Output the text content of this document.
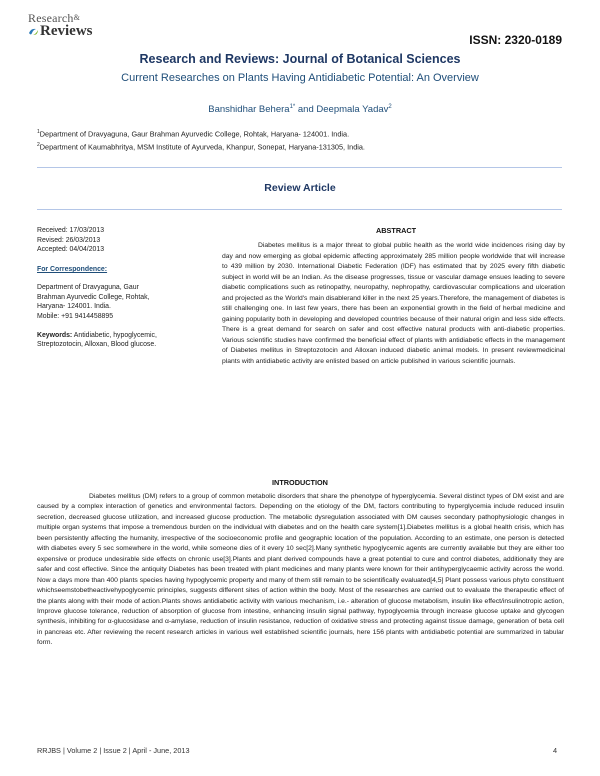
Research&
Reviews
ISSN: 2320-0189
Research and Reviews: Journal of Botanical Sciences
Current Researches on Plants Having Antidiabetic Potential: An Overview
Banshidhar Behera$^{1*}$ and Deepmala Yadav$^2$
$^1$Department of Dravyaguna, Gaur Brahman Ayurvedic College, Rohtak, Haryana- 124001. India.
$^2$Department of Kaumabhritya, MSM Institute of Ayurveda, Khanpur, Sonepat, Haryana-131305, India.
Review Article
Received: 17/03/2013
Revised: 26/03/2013
Accepted: 04/04/2013
For Correspondence:
Department of Dravyaguna, Gaur
Brahman Ayurvedic College, Rohtak,
Haryana- 124001. India.
Mobile: +91 9414458895
Keywords: Antidiabetic, hypoglycemic, Streptozotocin, Alloxan, Blood glucose.
ABSTRACT
Diabetes mellitus is a major threat to global public health as the world wide incidences rising day by day and now emerging as global epidemic affecting approximately 285 million people worldwide that will increase to 439 million by 2030. International Diabetic Federation (IDF) has estimated that by 2025 every fifth diabetic subject in world will be an Indian. As the disease progresses, tissue or vascular damage ensues leading to severe diabetic complications such as retinopathy, neuropathy, nephropathy, cardiovascular complications and ulceration and projected as the World's main disablerand killer in the next 25 years.Therefore, the management of diabetes is still challenging one. In last few years, there has been an exponential growth in the field of herbal medicine and gaining popularity both in developing and developed countries because of their natural origin and less side effects. There is a great demand for search on safer and cost effective natural products with anti-diabetic properties. Various scientific studies have confirmed the beneficial effect of plants with antidiabetic effects in the management of Diabetes mellitus in Streptozotocin and Alloxan induced diabetic animal models. In present reviewmedicinal plants with antidiabetic activity are enlisted based on article published in various scientific journals.
INTRODUCTION
Diabetes mellitus (DM) refers to a group of common metabolic disorders that share the phenotype of hyperglycemia. Several distinct types of DM exist and are caused by a complex interaction of genetics and environmental factors. Depending on the etiology of the DM, factors contributing to hyperglycemia include reduced insulin secretion, decreased glucose utilization, and increased glucose production. The metabolic dysregulation associated with DM causes secondary pathophysiologic changes in multiple organ systems that impose a tremendous burden on the individual with diabetes and on the health care system[1].Diabetes mellitus is a global health crisis, which has been persistently affecting the humanity, irrespective of the socioeconomic profile and geographic location of the population. According to an estimate, one person is detected with diabetes every 5 sec somewhere in the world, while someone dies of it every 10 sec[2].Many synthetic hypoglycemic agents are currently available but they are either too expensive or produce undesirable side effects on chronic use[3].Plants and plant derived compounds have a great potential to cure and control diabetes, additionally they are safer and cost effective. Since the antiquity Diabetes has been treated with plant medicines and many plants were known for their antihyperglycaemic activity across the world. Now a days more than 400 plants species having hypoglycemic property and many of them still remain to be scientifically evaluated[4,5] Plant possess various phyto constituent whichseemstobetheactivehypoglycemic principles, suggests different sites of action within the body. Most of the researches are carried out to evaluate the therapeutic effect of the plants along with their mode of action.Plants shows antidiabetic activity with various mechanism, i.e.- alteration of glucose metabolism, insulin like effect/insulinotropic action, Improve glucose tolerance, reduction of absorption of glucose from intestine, enhancing insulin signal pathway, hypoglycemia through increase glucose uptake and glycogen synthesis, inhibiting for α-glucosidase and α-amylase, reduction of insulin resistance, reduction of oxidative stress and protecting against tissue damage, generation of beta cell in pancreas etc. After reviewing the recent research articles in various well established scientific journals, here 156 plants with antidiabetic potential are summarized in tabular form.
RRJBS | Volume 2 | Issue 2 | April - June, 2013	4
